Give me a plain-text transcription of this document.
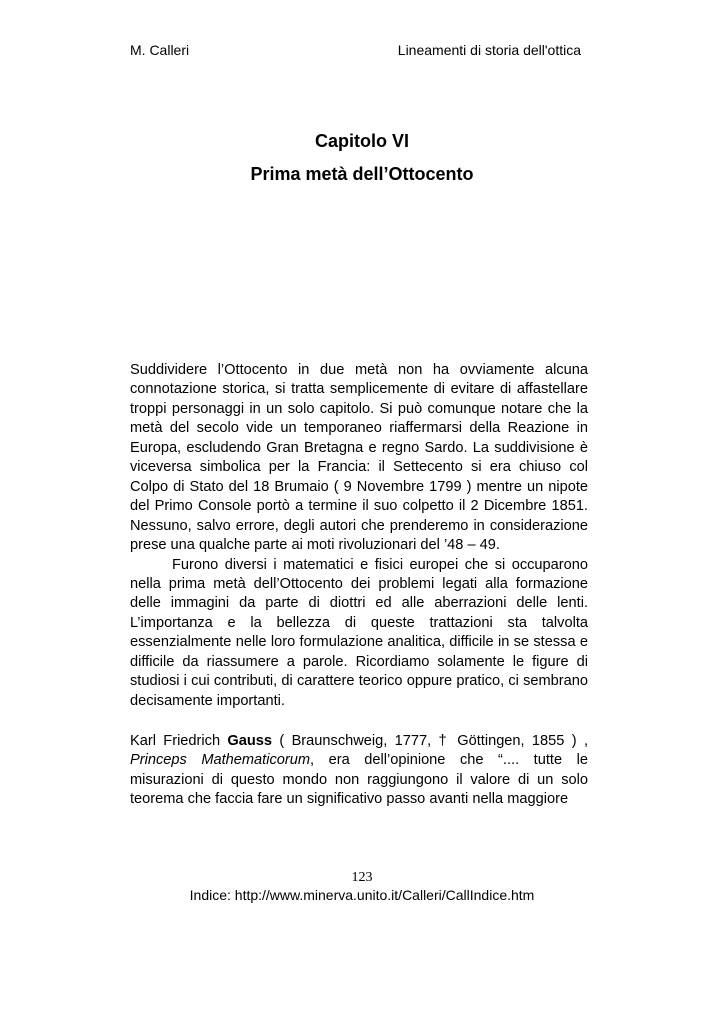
M. Calleri	Lineamenti di storia dell'ottica
Capitolo VI
Prima metà dell’Ottocento

Suddividere l’Ottocento in due metà non ha ovviamente alcuna connotazione storica, si tratta semplicemente di evitare di affastellare troppi personaggi in un solo capitolo. Si può comunque notare che la metà del secolo vide un temporaneo riaffermarsi della Reazione in Europa, escludendo Gran Bretagna e regno Sardo. La suddivisione è viceversa simbolica per la Francia: il Settecento si era chiuso col Colpo di Stato del 18 Brumaio ( 9 Novembre 1799 ) mentre un nipote del Primo Console portò a termine il suo colpetto il 2 Dicembre 1851. Nessuno, salvo errore, degli autori che prenderemo in considerazione prese una qualche parte ai moti rivoluzionari del ’48 – 49.

Furono diversi i matematici e fisici europei che si occuparono nella prima metà dell’Ottocento dei problemi legati alla formazione delle immagini da parte di diottri ed alle aberrazioni delle lenti. L’importanza e la bellezza di queste trattazioni sta talvolta essenzialmente nelle loro formulazione analitica, difficile in se stessa e difficile da riassumere a parole. Ricordiamo solamente le figure di studiosi i cui contributi, di carattere teorico oppure pratico, ci sembrano decisamente importanti.

Karl Friedrich Gauss ( Braunschweig, 1777, † Göttingen, 1855 ) , Princeps Mathematicorum, era dell’opinione che “.... tutte le misurazioni di questo mondo non raggiungono il valore di un solo teorema che faccia fare un significativo passo avanti nella maggiore

123
Indice: http://www.minerva.unito.it/Calleri/CallIndice.htm
